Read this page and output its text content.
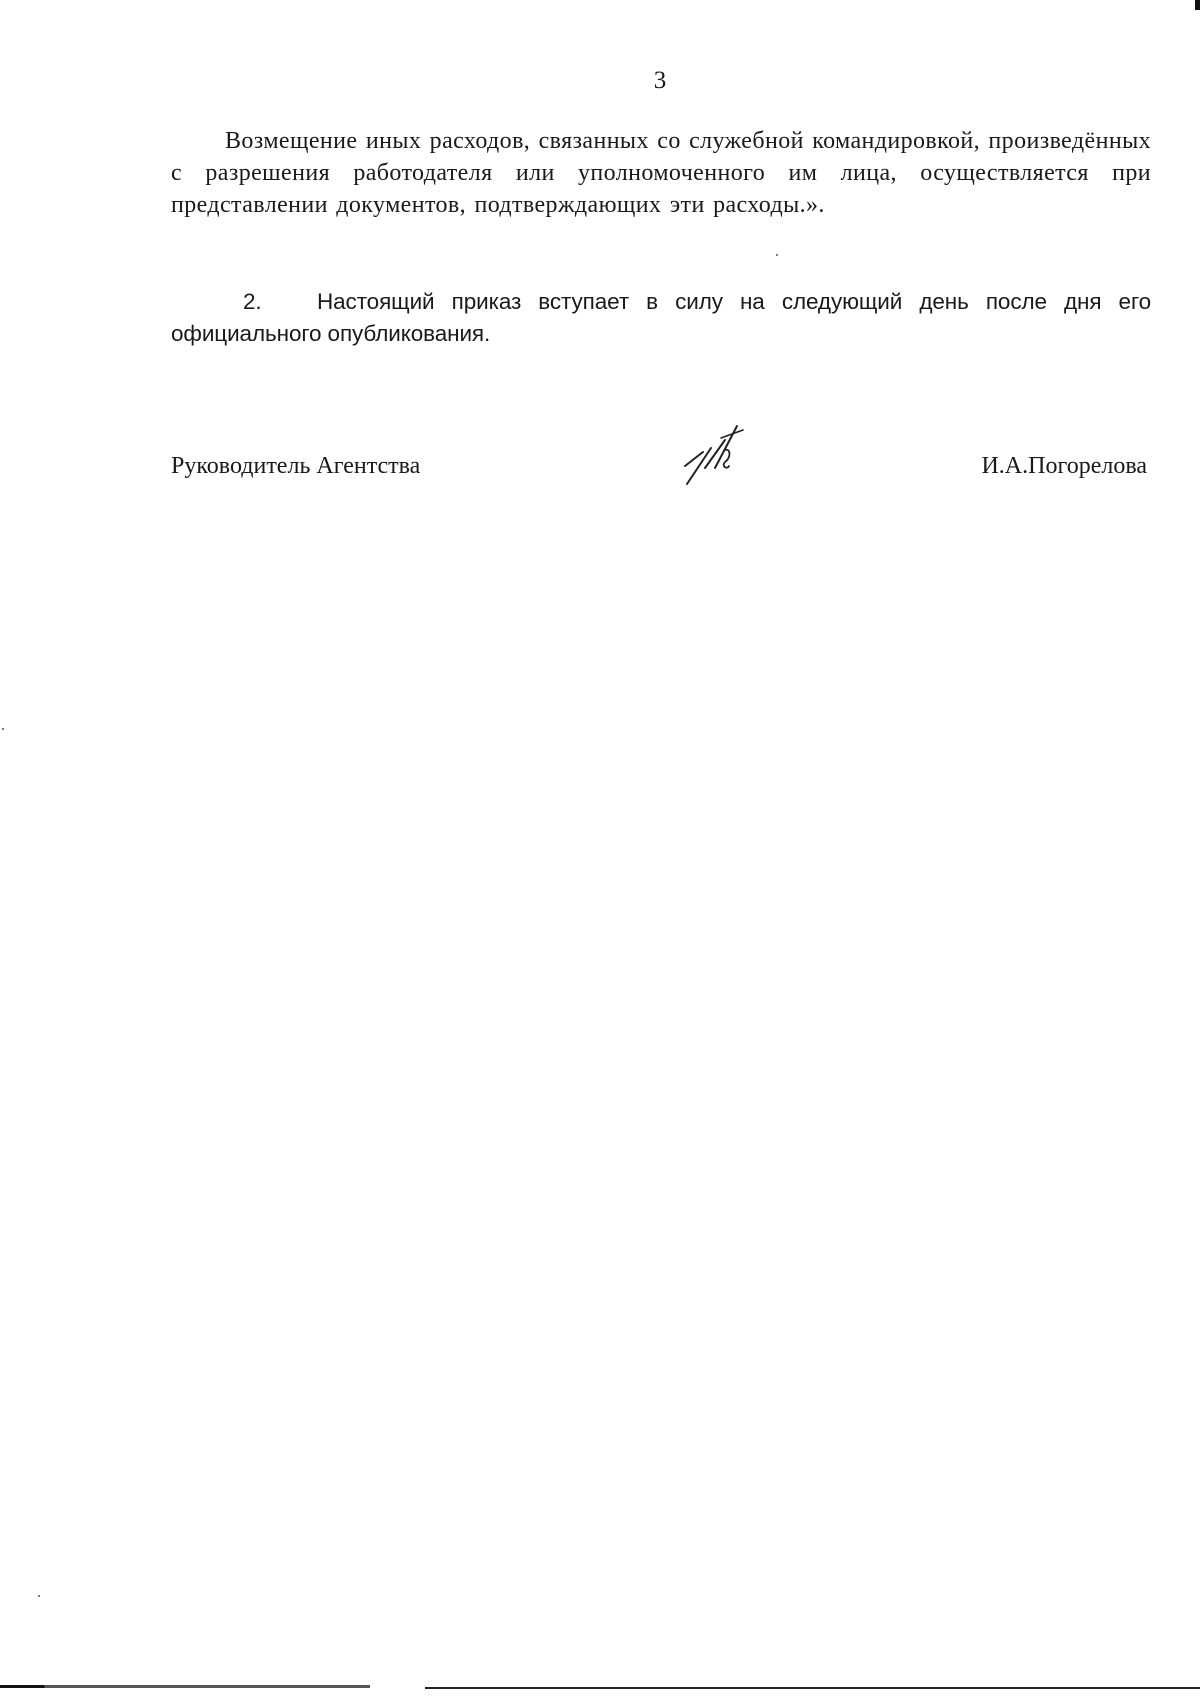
3

Возмещение иных расходов, связанных со служебной командировкой, произведённых с разрешения работодателя или уполномоченного им лица, осуществляется при представлении документов, подтверждающих эти расходы.».

2. Настоящий приказ вступает в силу на следующий день после дня его официального опубликования.

Руководитель Агентства	И.А.Погорелова
